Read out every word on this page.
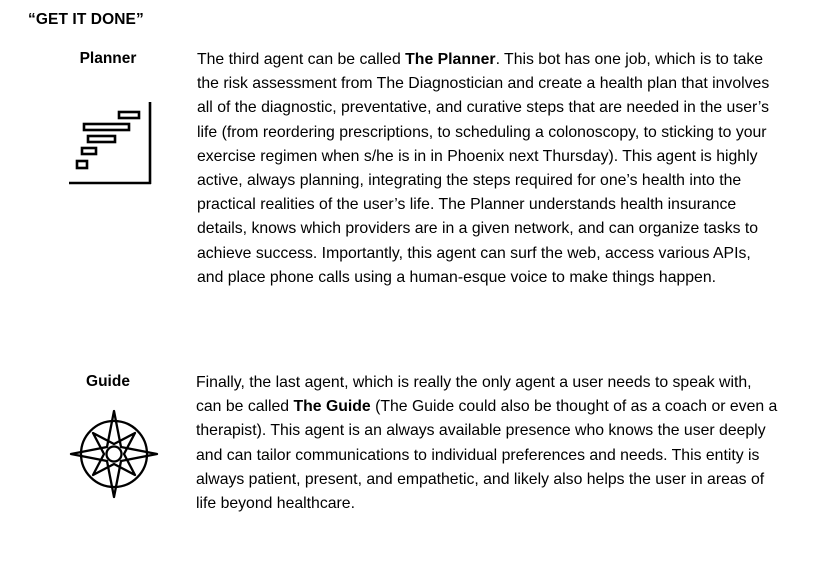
“GET IT DONE”
Planner	The third agent can be called The Planner. This bot has one job, which is to take the risk assessment from The Diagnostician and create a health plan that involves all of the diagnostic, preventative, and curative steps that are needed in the user’s life (from reordering prescriptions, to scheduling a colonoscopy, to sticking to your exercise regimen when s/he is in in Phoenix next Thursday). This agent is highly active, always planning, integrating the steps required for one’s health into the practical realities of the user’s life. The Planner understands health insurance details, knows which providers are in a given network, and can organize tasks to achieve success. Importantly, this agent can surf the web, access various APIs, and place phone calls using a human-esque voice to make things happen.

Guide	Finally, the last agent, which is really the only agent a user needs to speak with, can be called The Guide (The Guide could also be thought of as a coach or even a therapist). This agent is an always available presence who knows the user deeply and can tailor communications to individual preferences and needs. This entity is always patient, present, and empathetic, and likely also helps the user in areas of life beyond healthcare.
